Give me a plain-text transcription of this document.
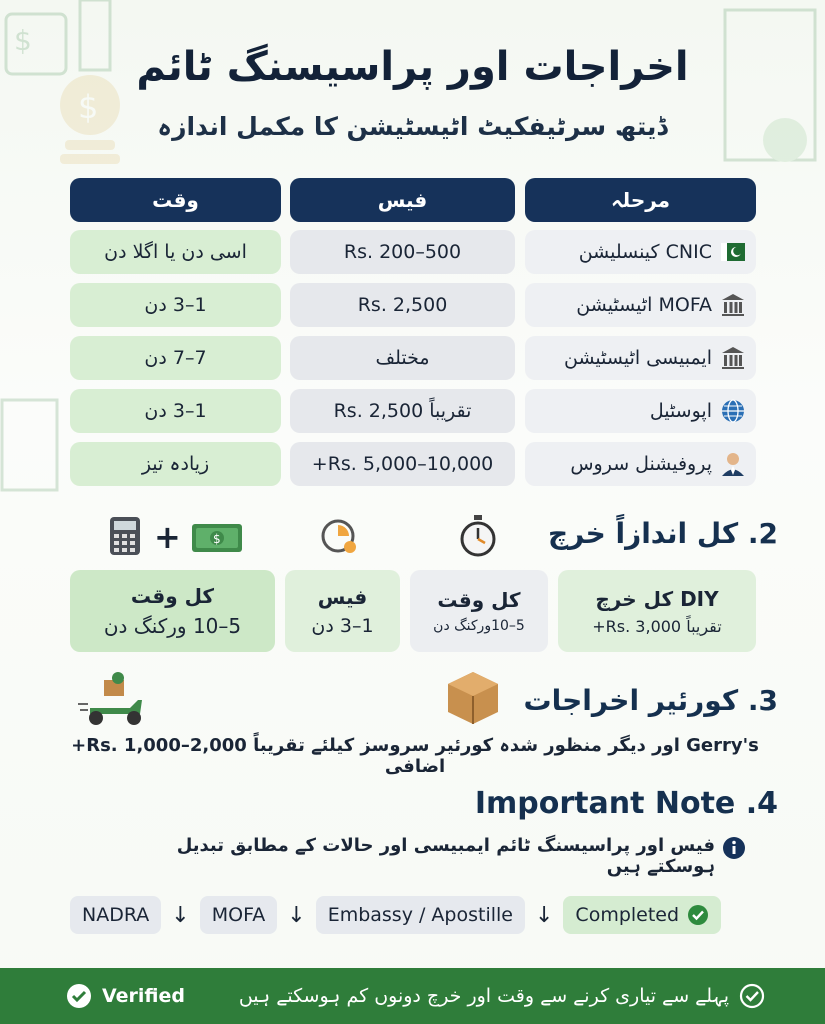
$
$
اخراجات اور پراسیسنگ ٹائم
ڈیتھ سرٹیفکیٹ اٹیسٹیشن کا مکمل اندازہ
وقت	فیس	مرحلہ
اسی دن یا اگلا دن	Rs. 200–500	CNIC کینسلیشن
1–3 دن	Rs. 2,500	MOFA اٹیسٹیشن
7–7 دن	مختلف	ایمبیسی اٹیسٹیشن
1–3 دن	تقریباً Rs. 2,500	اپوسٹیل
زیادہ تیز	Rs. 5,000–10,000+	پروفیشنل سروس
+	$	2. کل اندازاً خرچ
کل وقت
5–10 ورکنگ دن
فیس
1–3 دن
کل وقت
5–10ورکنگ دن
DIY کل خرچ
تقریباً Rs. 3,000+
3. کورئیر اخراجات
Gerry's اور دیگر منظور شدہ کورئیر سروسز کیلئے تقریباً Rs. 1,000–2,000+ اضافی
Important Note .4
فیس اور پراسیسنگ ٹائم ایمبیسی اور حالات کے مطابق تبدیل ہوسکتے ہیں
NADRA ↓ MOFA ↓ Embassy / Apostille ↓ Completed
Verified	پہلے سے تیاری کرنے سے وقت اور خرچ دونوں کم ہوسکتے ہیں
